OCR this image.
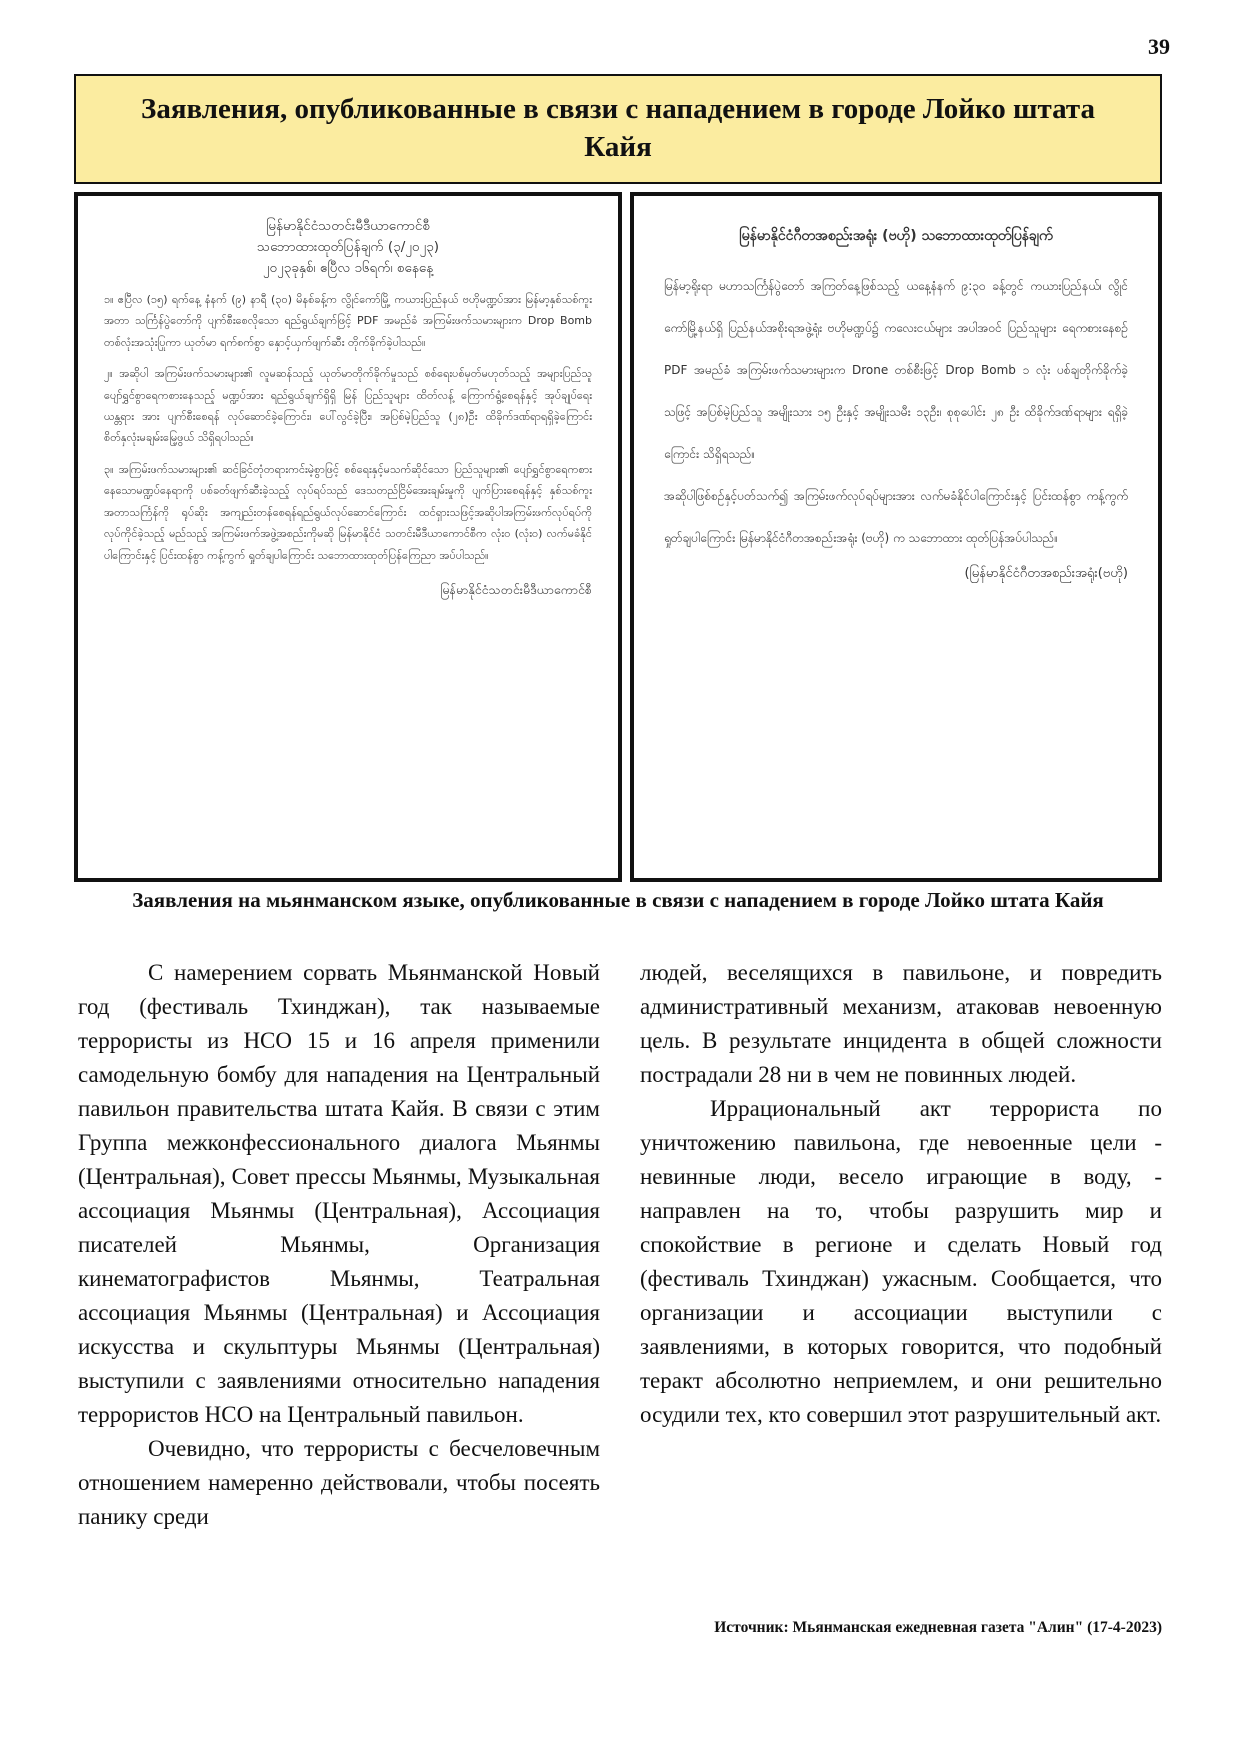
39
Заявления, опубликованные в связи с нападением в городе Лойко штата Кайя
မြန်မာနိုင်ငံသတင်းမီဒီယာကောင်စီ
သဘောထားထုတ်ပြန်ချက် (၃/၂၀၂၃)
၂၀၂၃ခုနှစ်၊ ဧပြီလ ၁၆ရက်၊ စနေနေ့

၁။ ဧပြီလ (၁၅) ရက်နေ့ နံနက် (၉) နာရီ (၃၀) မိနစ်ခန့်က လွိုင်ကော်မြို့ ကယားပြည်နယ် ဗဟိုမဏ္ဍပ်အား မြန်မာ့နှစ်သစ်ကူး အတာ သင်္ကြန်ပွဲတော်ကို ပျက်စီးစေလိုသော ရည်ရွယ်ချက်ဖြင့် PDF အမည်ခံ အကြမ်းဖက်သမားများက Drop Bomb တစ်လုံးအသုံးပြုကာ ယုတ်မာ ရက်စက်စွာ နှောင့်ယှက်ဖျက်ဆီး တိုက်ခိုက်ခဲ့ပါသည်။

၂။ အဆိုပါ အကြမ်းဖက်သမားများ၏ လူမဆန်သည့် ယုတ်မာတိုက်ခိုက်မှုသည် စစ်ရေးပစ်မှတ်မဟုတ်သည့် အများပြည်သူ ပျော်ရွှင်စွာရေကစားနေသည့် မဏ္ဍပ်အား ရည်ရွယ်ချက်ရှိရှိ မြန် ပြည်သူများ ထိတ်လန့် ကြောက်ရွံ့စေရန်နှင့် အုပ်ချုပ်ရေးယန္တရား အား ပျက်စီးစေရန် လုပ်ဆောင်ခဲ့ကြောင်း၊ ပေါ်လွင်ခဲ့ပြီး၊ အပြစ်မဲ့ပြည်သူ (၂၈)ဦး ထိခိုက်ဒဏ်ရာရရှိခဲ့ကြောင်း စိတ်နှလုံးမချမ်းမြေ့ဖွယ် သိရှိရပါသည်။

၃။ အကြမ်းဖက်သမားများ၏ ဆင်ခြင်တုံတရားကင်းမဲ့စွာဖြင့် စစ်ရေးနှင့်မသက်ဆိုင်သော ပြည်သူများ၏ ပျော်ရွှင်စွာရေကစားနေသောမဏ္ဍပ်နေရာကို ပစ်ခတ်ဖျက်ဆီးခဲ့သည့် လုပ်ရပ်သည် ဒေသတည်ငြိမ်အေးချမ်းမှုကို ပျက်ပြားစေရန်နှင့် နှစ်သစ်ကူး အတာသင်္ကြန်ကို ရုပ်ဆိုး အကျည်းတန်စေရန်ရည်ရွယ်လုပ်ဆောင်ကြောင်း ထင်ရှားသဖြင့်အဆိုပါအကြမ်းဖက်လုပ်ရပ်ကို လုပ်ကိုင်ခဲ့သည့် မည်သည့် အကြမ်းဖက်အဖွဲ့အစည်းကိုမဆို မြန်မာနိုင်ငံ သတင်းမီဒီယာကောင်စီက လုံးဝ (လုံးဝ) လက်မခံနိုင်ပါကြောင်းနှင့် ပြင်းထန်စွာ ကန့်ကွက် ရှုတ်ချပါကြောင်း သဘောထားထုတ်ပြန်ကြေညာ အပ်ပါသည်။

မြန်မာနိုင်ငံသတင်းမီဒီယာကောင်စီ
မြန်မာနိုင်ငံဂီတအစည်းအရုံး (ဗဟို) သဘောထားထုတ်ပြန်ချက်

မြန်မာ့ရိုးရာ မဟာသင်္ကြန်ပွဲတော် အကြတ်နေ့ဖြစ်သည့် ယနေ့နံနက် ၉:၃၀ ခန့်တွင် ကယားပြည်နယ်၊ လွိုင်ကော်မြို့နယ်ရှိ ပြည်နယ်အစိုးရအဖွဲ့ရုံး ဗဟိုမဏ္ဍပ်၌ ကလေးငယ်များ အပါအဝင် ပြည်သူများ ရေကစားနေစဉ် PDF အမည်ခံ အကြမ်းဖက်သမားများက Drone တစ်စီးဖြင့် Drop Bomb ၁ လုံး ပစ်ချတိုက်ခိုက်ခဲ့သဖြင့် အပြစ်မဲ့ပြည်သူ အမျိုးသား ၁၅ ဦးနှင့် အမျိုးသမီး ၁၃ဦး၊ စုစုပေါင်း ၂၈ ဦး ထိခိုက်ဒဏ်ရာများ ရရှိခဲ့ကြောင်း သိရှိရသည်။

အဆိုပါဖြစ်စဉ်နှင့်ပတ်သက်၍ အကြမ်းဖက်လုပ်ရပ်များအား လက်မခံနိုင်ပါကြောင်းနှင့် ပြင်းထန်စွာ ကန့်ကွက်ရှုတ်ချပါကြောင်း မြန်မာနိုင်ငံဂီတအစည်းအရုံး (ဗဟို) က သဘောထား ထုတ်ပြန်အပ်ပါသည်။

(မြန်မာနိုင်ငံဂီတအစည်းအရုံး(ဗဟို)
Заявления на мьянманском языке, опубликованные в связи с нападением в городе Лойко штата Кайя

С намерением сорвать Мьянманской Новый год (фестиваль Тхинджан), так называемые террористы из НСО 15 и 16 апреля применили самодельную бомбу для нападения на Центральный павильон правительства штата Кайя. В связи с этим Группа межконфессионального диалога Мьянмы (Центральная), Совет прессы Мьянмы, Музыкальная ассоциация Мьянмы (Центральная), Ассоциация писателей Мьянмы, Организация кинематографистов Мьянмы, Театральная ассоциация Мьянмы (Центральная) и Ассоциация искусства и скульптуры Мьянмы (Центральная) выступили с заявлениями относительно нападения террористов НСО на Центральный павильон.

Очевидно, что террористы с бесчеловечным отношением намеренно действовали, чтобы посеять панику среди

людей, веселящихся в павильоне, и повредить административный механизм, атаковав невоенную цель. В результате инцидента в общей сложности пострадали 28 ни в чем не повинных людей.

Иррациональный акт террориста по уничтожению павильона, где невоенные цели - невинные люди, весело играющие в воду, - направлен на то, чтобы разрушить мир и спокойствие в регионе и сделать Новый год (фестиваль Тхинджан) ужасным. Сообщается, что организации и ассоциации выступили с заявлениями, в которых говорится, что подобный теракт абсолютно неприемлем, и они решительно осудили тех, кто совершил этот разрушительный акт.

Источник: Мьянманская ежедневная газета "Алин" (17-4-2023)
